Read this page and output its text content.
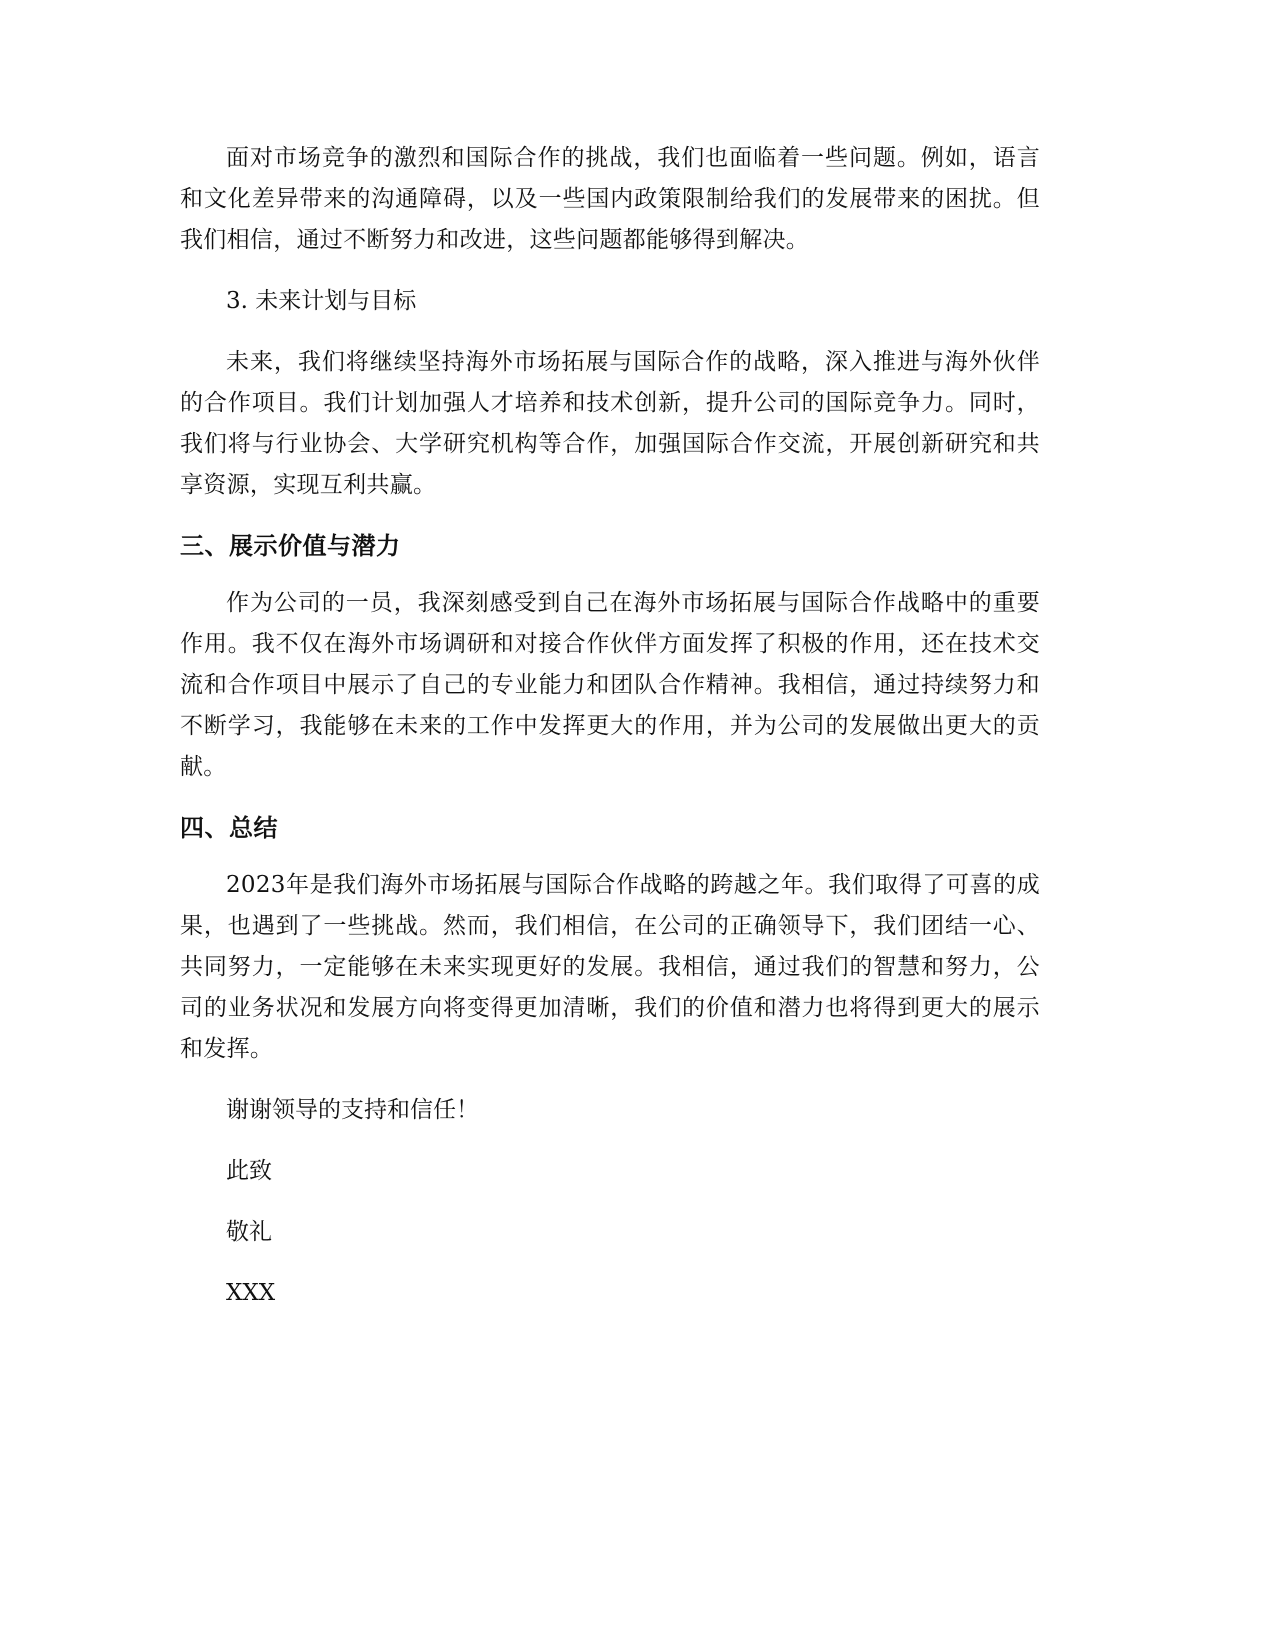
面对市场竞争的激烈和国际合作的挑战，我们也面临着一些问题。例如，语言和文化差异带来的沟通障碍，以及一些国内政策限制给我们的发展带来的困扰。但我们相信，通过不断努力和改进，这些问题都能够得到解决。

3. 未来计划与目标

未来，我们将继续坚持海外市场拓展与国际合作的战略，深入推进与海外伙伴的合作项目。我们计划加强人才培养和技术创新，提升公司的国际竞争力。同时，我们将与行业协会、大学研究机构等合作，加强国际合作交流，开展创新研究和共享资源，实现互利共赢。

三、展示价值与潜力

作为公司的一员，我深刻感受到自己在海外市场拓展与国际合作战略中的重要作用。我不仅在海外市场调研和对接合作伙伴方面发挥了积极的作用，还在技术交流和合作项目中展示了自己的专业能力和团队合作精神。我相信，通过持续努力和不断学习，我能够在未来的工作中发挥更大的作用，并为公司的发展做出更大的贡献。

四、总结

2023年是我们海外市场拓展与国际合作战略的跨越之年。我们取得了可喜的成果，也遇到了一些挑战。然而，我们相信，在公司的正确领导下，我们团结一心、共同努力，一定能够在未来实现更好的发展。我相信，通过我们的智慧和努力，公司的业务状况和发展方向将变得更加清晰，我们的价值和潜力也将得到更大的展示和发挥。

谢谢领导的支持和信任！

此致

敬礼

XXX
